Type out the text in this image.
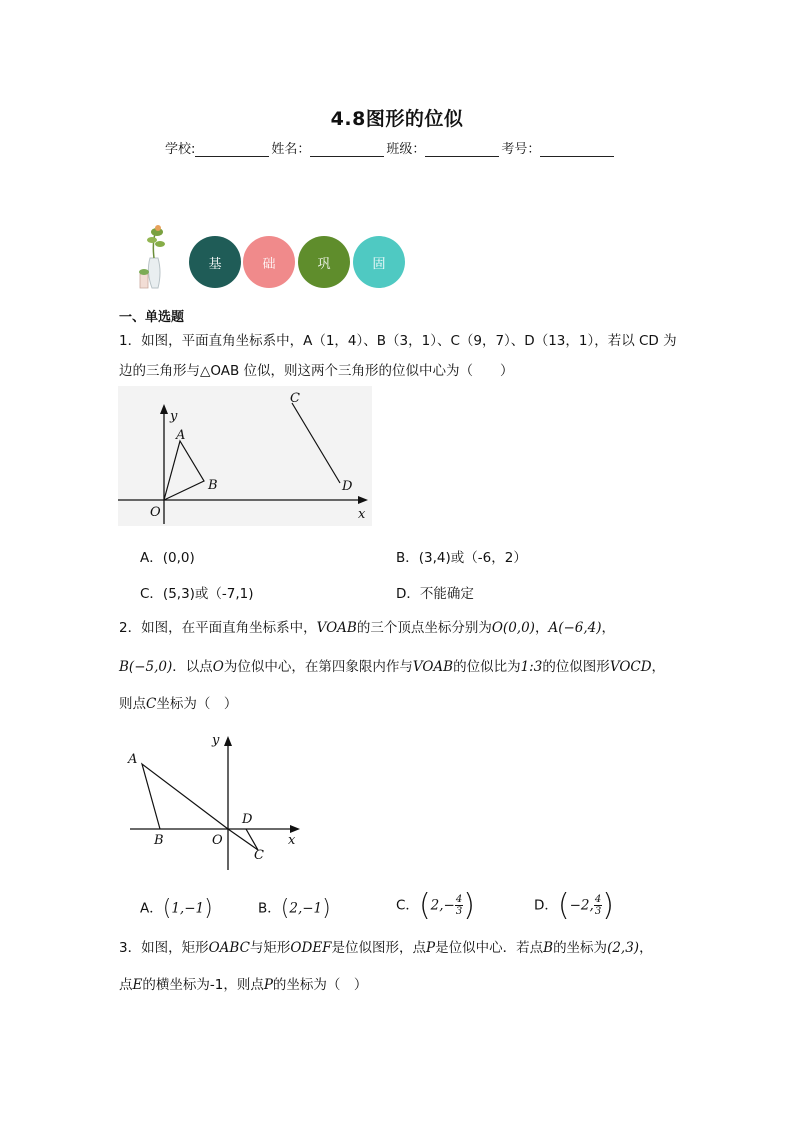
4.8图形的位似
学校:	姓名：	班级：	考号：
基	础	巩	固
一、单选题
1．如图，平面直角坐标系中，A（1，4）、B（3，1）、C（9，7）、D（13，1），若以 CD 为
边的三角形与△OAB 位似，则这两个三角形的位似中心为（　　）
y
x
A
B
C
D
O
A．(0,0)	B．(3,4)或（-6，2）
C．(5,3)或（-7,1)	D．不能确定
2．如图，在平面直角坐标系中，VOAB的三个顶点坐标分别为O(0,0)，A(−6,4)，
B(−5,0)．以点O为位似中心，在第四象限内作与VOAB的位似比为1:3的位似图形VOCD，
则点C坐标为（　）
y
x
A
B	O
D
C
A．(1,−1)	B．(2,−1)	C．($2,- \frac{4}{3}$ )	D．(−2, $\frac{4}{3}$ )
3．如图，矩形OABC与矩形ODEF是位似图形，点P是位似中心．若点B的坐标为(2,3)，
点E的横坐标为-1，则点P的坐标为（　）
